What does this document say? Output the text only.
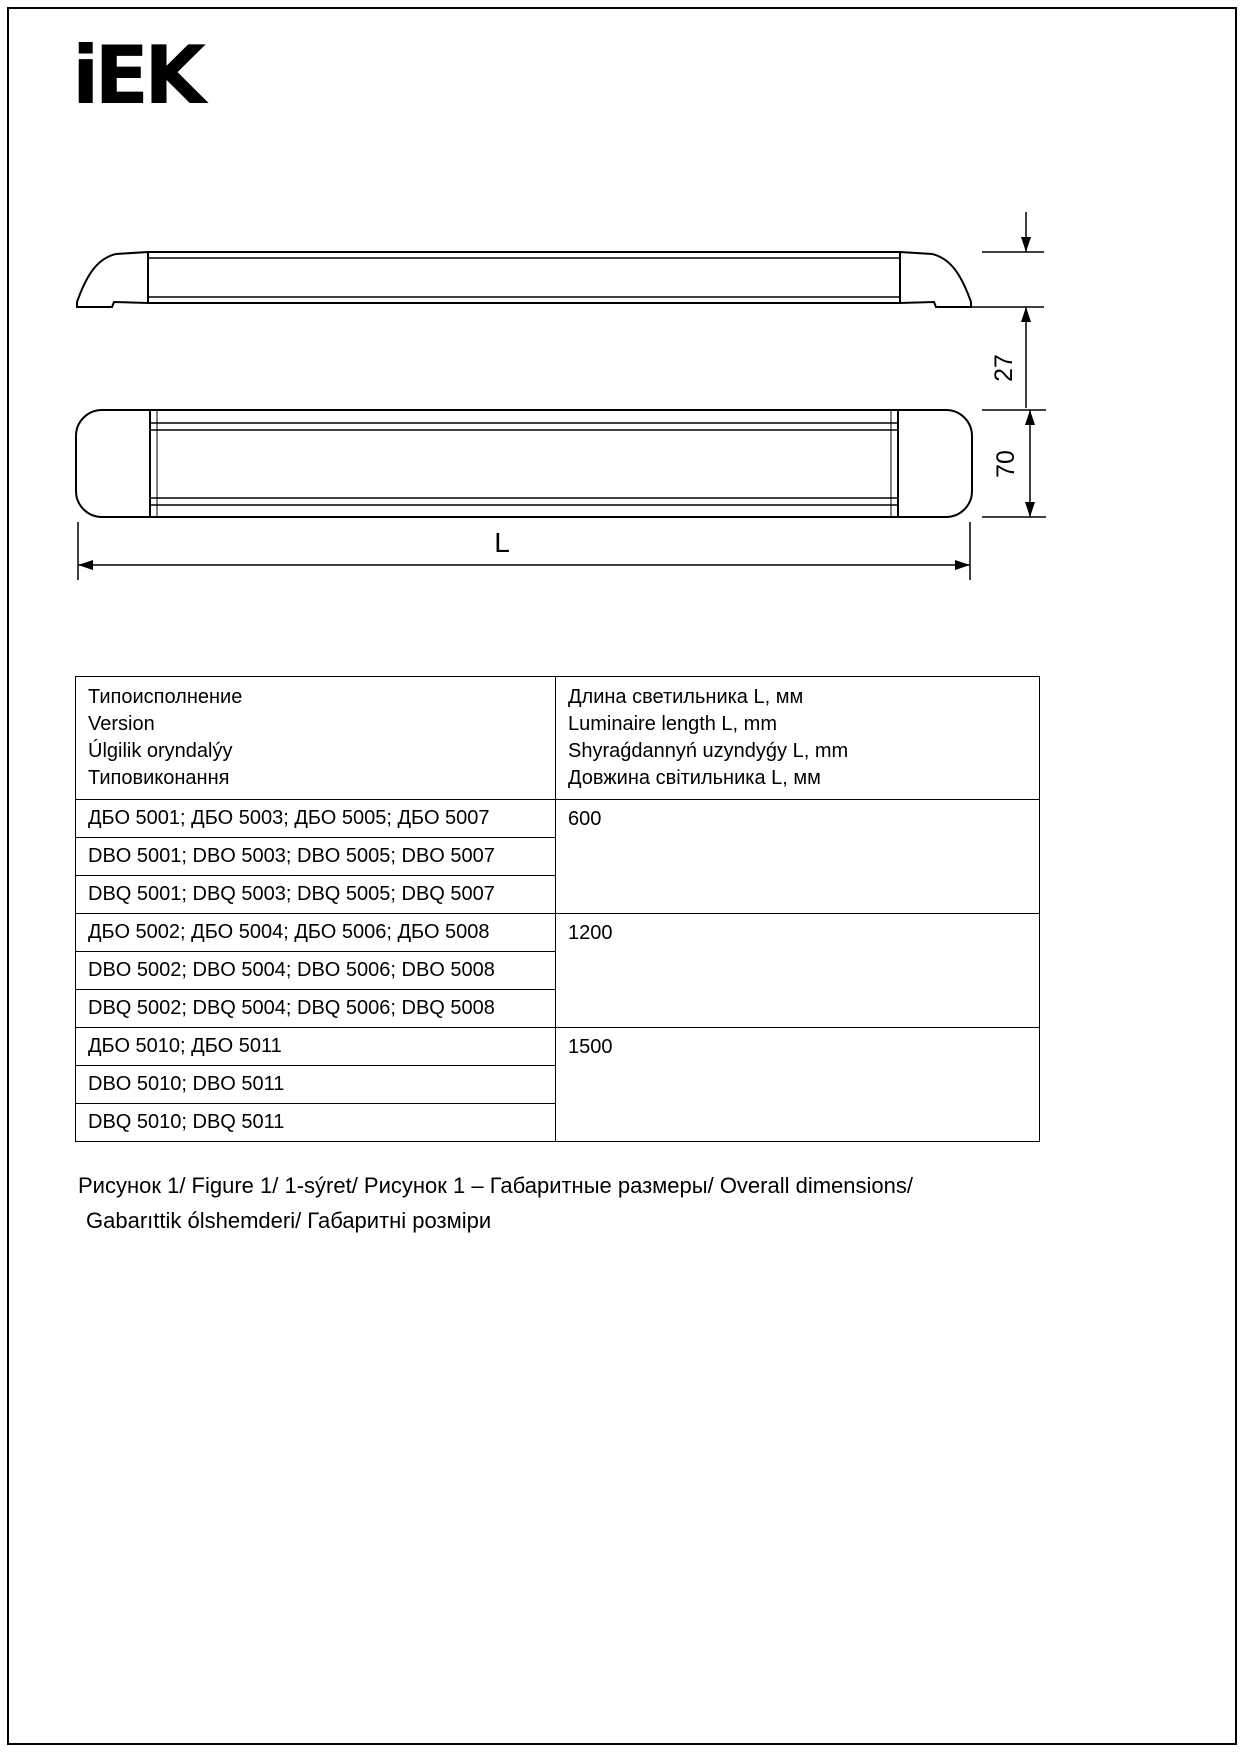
iEK
27
70
L
Типоисполнение
Version
Úlgilik oryndalýy
Типовиконання

Длина светильника L, мм
Luminaire length L, mm
Shyraǵdannyń uzyndyǵy L, mm
Довжина світильника L, мм

ДБО 5001; ДБО 5003; ДБО 5005; ДБО 5007	600
DBO 5001; DBO 5003; DBO 5005; DBO 5007	
DBQ 5001; DBQ 5003; DBQ 5005; DBQ 5007	
ДБО 5002; ДБО 5004; ДБО 5006; ДБО 5008	1200
DBO 5002; DBO 5004; DBO 5006; DBO 5008	
DBQ 5002; DBQ 5004; DBQ 5006; DBQ 5008	
ДБО 5010; ДБО 5011	1500
DBO 5010; DBO 5011	
DBQ 5010; DBQ 5011	
Рисунок 1/ Figure 1/ 1-sýret/ Рисунок 1 – Габаритные размеры/ Overall dimensions/
Gabarıttik ólshemderi/ Габаритні розміри
